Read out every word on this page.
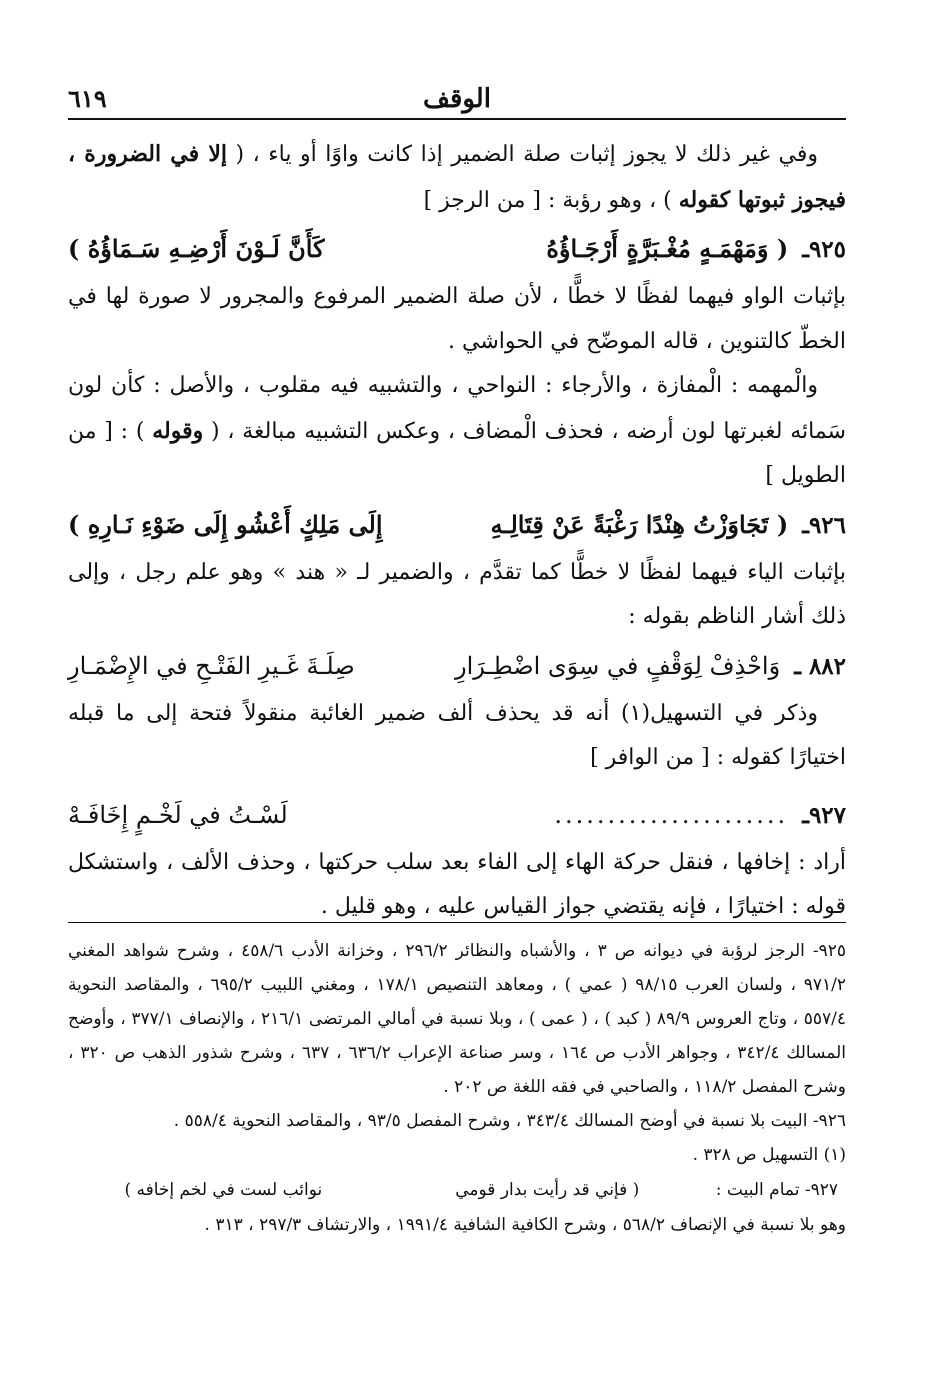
الوقف
٦١٩

وفي غير ذلك لا يجوز إثبات صلة الضمير إذا كانت واوًا أو ياء ، ( إلا في الضرورة ، فيجوز ثبوتها كقوله ) ، وهو رؤبة : [ من الرجز ]

٩٢٥ـ
( وَمَهْمَـهٍ مُغْـبَرَّةٍ أَرْجَـاؤُهُ
كَأَنَّ لَـوْنَ أَرْضِـهِ سَـمَاؤُهُ )

بإثبات الواو فيهما لفظًا لا خطًّا ، لأن صلة الضمير المرفوع والمجرور لا صورة لها في الخطّ كالتنوين ، قاله الموضّح في الحواشي .

والْمهمه : الْمفازة ، والأرجاء : النواحي ، والتشبيه فيه مقلوب ، والأصل : كأن لون سَمائه لغبرتها لون أرضه ، فحذف الْمضاف ، وعكس التشبيه مبالغة ، ( وقوله ) : [ من الطويل ]

٩٢٦ـ
( تَجَاوَزْتُ هِنْدًا رَغْبَةً عَنْ قِتَالِـهِ
إِلَى مَلِكٍ أَعْشُو إِلَى ضَوْءِ نَـارِهِ )

بإثبات الياء فيهما لفظًا لا خطًّا كما تقدَّم ، والضمير لـ « هند » وهو علم رجل ، وإلى ذلك أشار الناظم بقوله :

٨٨٢ ـ
وَاحْذِفْ لِوَقْفٍ في سِوَى اضْطِـرَارِ
صِلَـةَ غَـيرِ الفَتْـحِ في الإِضْمَـارِ

وذكر في التسهيل(١) أنه قد يحذف ألف ضمير الغائبة منقولاً فتحة إلى ما قبله اختيارًا كقوله : [ من الوافر ]

٩٢٧ـ
......................
لَسْـتُ في لَخْـمٍ إِخَافَـهْ

أراد : إخافها ، فنقل حركة الهاء إلى الفاء بعد سلب حركتها ، وحذف الألف ، واستشكل قوله : اختيارًا ، فإنه يقتضي جواز القياس عليه ، وهو قليل .

٩٢٥- الرجز لرؤبة في ديوانه ص ٣ ، والأشباه والنظائر ٢٩٦/٢ ، وخزانة الأدب ٤٥٨/٦ ، وشرح شواهد المغني ٩٧١/٢ ، ولسان العرب ٩٨/١٥ ( عمي ) ، ومعاهد التنصيص ١٧٨/١ ، ومغني اللبيب ٦٩٥/٢ ، والمقاصد النحوية ٥٥٧/٤ ، وتاج العروس ٨٩/٩ ( كبد ) ، ( عمى ) ، وبلا نسبة في أمالي المرتضى ٢١٦/١ ، والإنصاف ٣٧٧/١ ، وأوضح المسالك ٣٤٢/٤ ، وجواهر الأدب ص ١٦٤ ، وسر صناعة الإعراب ٦٣٦/٢ ، ٦٣٧ ، وشرح شذور الذهب ص ٣٢٠ ، وشرح المفصل ١١٨/٢ ، والصاحبي في فقه اللغة ص ٢٠٢ .

٩٢٦- البيت بلا نسبة في أوضح المسالك ٣٤٣/٤ ، وشرح المفصل ٩٣/٥ ، والمقاصد النحوية ٥٥٨/٤ .

(١) التسهيل ص ٣٢٨ .

٩٢٧- تمام البيت :
( فإني قد رأيت بدار قومي
نوائب لست في لخم إخافه )

وهو بلا نسبة في الإنصاف ٥٦٨/٢ ، وشرح الكافية الشافية ١٩٩١/٤ ، والارتشاف ٢٩٧/٣ ، ٣١٣ .
